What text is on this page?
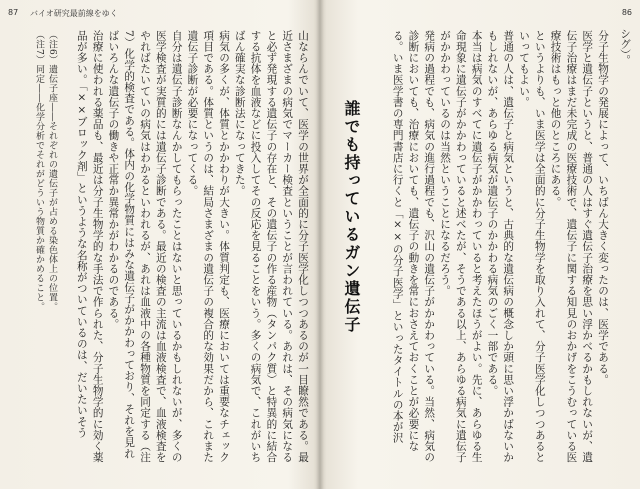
87 バイオ研究最前線をゆく
山ならんでいて、医学の世界が全面的に分子医学化しつつあるのが一目瞭然である。最近さまざまの病気でマーカー検査ということが言われている。あれは、その病気になると必ず発現する遺伝子の存在と、その遺伝子の作る産物（タンパク質）と特異的に結合する抗体を血液などに投入してその反応を見ることをいう。多くの病気で、これがいちばん確実な診断法になってきた。
病気の多くが、体質とかかわりが大きい。体質判定も、医療においては重要なチェック項目である。体質というのは、結局さまざまの遺伝子の複合的な効果だから、これまた遺伝子診断が必要になってくる。
自分は遺伝子診断なんかしてもらったことはないと思っているかもしれないが、多くの医学検査が実質的には遺伝子診断である。最近の検査の主流は血液検査で、血液検査をやればたいていの病気はわかるといわれるが、あれは血液中の各種物質を同定する（注7）化学的検査である。体内の化学物質にはみな遺伝子がかかわっており、それを見ればいろんな遺伝子の働きや正常か異常かがわかるのである。
治療に使われる薬品も、最近は分子生物学的な手法で作られた、分子生物学的に効く薬品が多い。「××ブロック剤」というような名称がついているのは、だいたいそう
（注6）遺伝子座――それぞれの遺伝子が占める染色体上の位置。
（注7）同定――化学分析でそれがどういう物質か確かめること。
86
シグ）。
分子生物学の発展によって、いちばん大きく変ったのは、医学である。
医学と遺伝子というと、普通の人はすぐ遺伝子治療を思い浮かべるかもしれないが、遺伝子治療はまだ未完成の医療技術で、遺伝子に関する知見のおかげをこうむっている医療技術はもっと他のところにある。
というよりも、いま医学は全面的に分子生物学を取り入れて、分子医学化しつつあるといってもよい。
普通の人は、遺伝子と病気というと、古典的な遺伝病の概念しか頭に思い浮かばないかもしれないが、あらゆる病気が遺伝子のかかわる病気のごく一部である。
本当は病気のすべてに遺伝子がかかわっていると考えたほうがよい。先に、あらゆる生命現象に遺伝子がかかわっていると述べたが、そうである以上、あらゆる病気に遺伝子がかかわっているのは当然ということになるだろう。
発病の過程でも、病気の進行過程でも、沢山の遺伝子がかかわっている。当然、病気の診断においても、治療においても、遺伝子の動きを常におさえておくことが必要になる。いま医学書の専門書店に行くと「××の分子医学」といったタイトルの本が沢
誰でも持っているガン遺伝子
